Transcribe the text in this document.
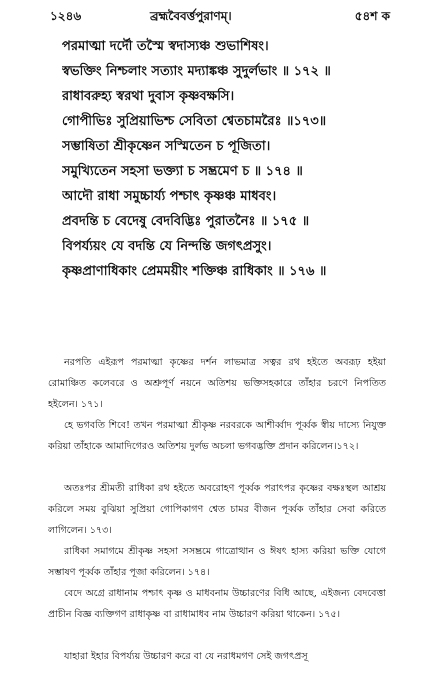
১২৪৬	ব্রহ্মবৈবর্ত্তপুরাণম্।	৫৪শ ক
পরমাত্মা দর্দৌ তস্মৈ স্বদাস্যঞ্চ শুভাশিষং।
স্বভক্তিং নিশ্চলাং সত্যাং মদ্যাঙ্কঞ্চ সুদুর্লভাং ॥ ১৭২ ॥
রাধাবরুহ্য স্বরথা দুবাস কৃষ্ণবক্ষসি।
গোপীভিঃ সুপ্রিয়াভিশ্চ সেবিতা শ্বেতচামরৈঃ ॥১৭৩॥
সম্ভাষিতা শ্রীকৃষ্ণেন সস্মিতেন চ পূজিতা।
সমুখ্যিতেন সহসা ভক্ত্যা চ সম্ভ্রমেণ চ ॥ ১৭৪ ॥
আদৌ রাধা সমুচ্চার্য্য পশ্চাৎ কৃষ্ণঞ্চ মাধবং।
প্রবদন্তি চ বেদেষু বেদবিদ্ভিঃ পুরাতনৈঃ ॥ ১৭৫ ॥
বিপর্য্যয়ং যে বদন্তি যে নিন্দন্তি জগৎপ্রসুং।
কৃষ্ণপ্রাণাধিকাং প্রেমময়ীং শক্তিঞ্চ রাধিকাং ॥ ১৭৬ ॥

নরপতি এইরূপ পরমাত্মা কৃষ্ণের দর্শন লাভমাত্র সত্বর রথ হইতে অবরূঢ় হইয়া রোমাঞ্চিত কলেবরে ও অশ্রুপূর্ণ নয়নে অতিশয় ভক্তিসহকারে তাঁহার চরণে নিপতিত হইলেন। ১৭১।

হে ভগবতি শিবে! তখন পরমাত্মা শ্রীকৃষ্ণ নরবরকে আশীর্ব্বাদ পূর্ব্বক স্বীয় দাস্যে নিযুক্ত করিয়া তাঁহাকে আমাদিগেরও অতিশয় দুর্লভ অচলা ভগবদ্ভক্তি প্রদান করিলেন।১৭২।

অতঃপর শ্রীমতী রাধিকা রথ হইতে অবরোহণ পূর্ব্বক পরাৎপর কৃষ্ণের বক্ষঃস্থল আশ্রয় করিলে সময় বুঝিয়া সুপ্রিয়া গোপিকাগণ শ্বেত চামর বীজন পূর্ব্বক তাঁহার সেবা করিতে লাগিলেন। ১৭৩।

রাধিকা সমাগমে শ্রীকৃষ্ণ সহসা সসম্ভ্রমে গাত্রোত্থান ও ঈষৎ হাস্য করিয়া ভক্তি যোগে সম্ভাষণ পূর্ব্বক তাঁহার পূজা করিলেন। ১৭৪।

বেদে অগ্রে রাধানাম পশ্চাৎ কৃষ্ণ ও মাধবনাম উচ্চারণের বিধি আছে, এইজন্য বেদবেত্তা প্রাচীন বিজ্ঞ ব্যক্তিগণ রাধাকৃষ্ণ বা রাধামাধব নাম উচ্চারণ করিয়া থাকেন। ১৭৫।

যাহারা ইহার বিপর্য্যয় উচ্চারণ করে বা যে নরাধমগণ সেই জগৎপ্রসূ
